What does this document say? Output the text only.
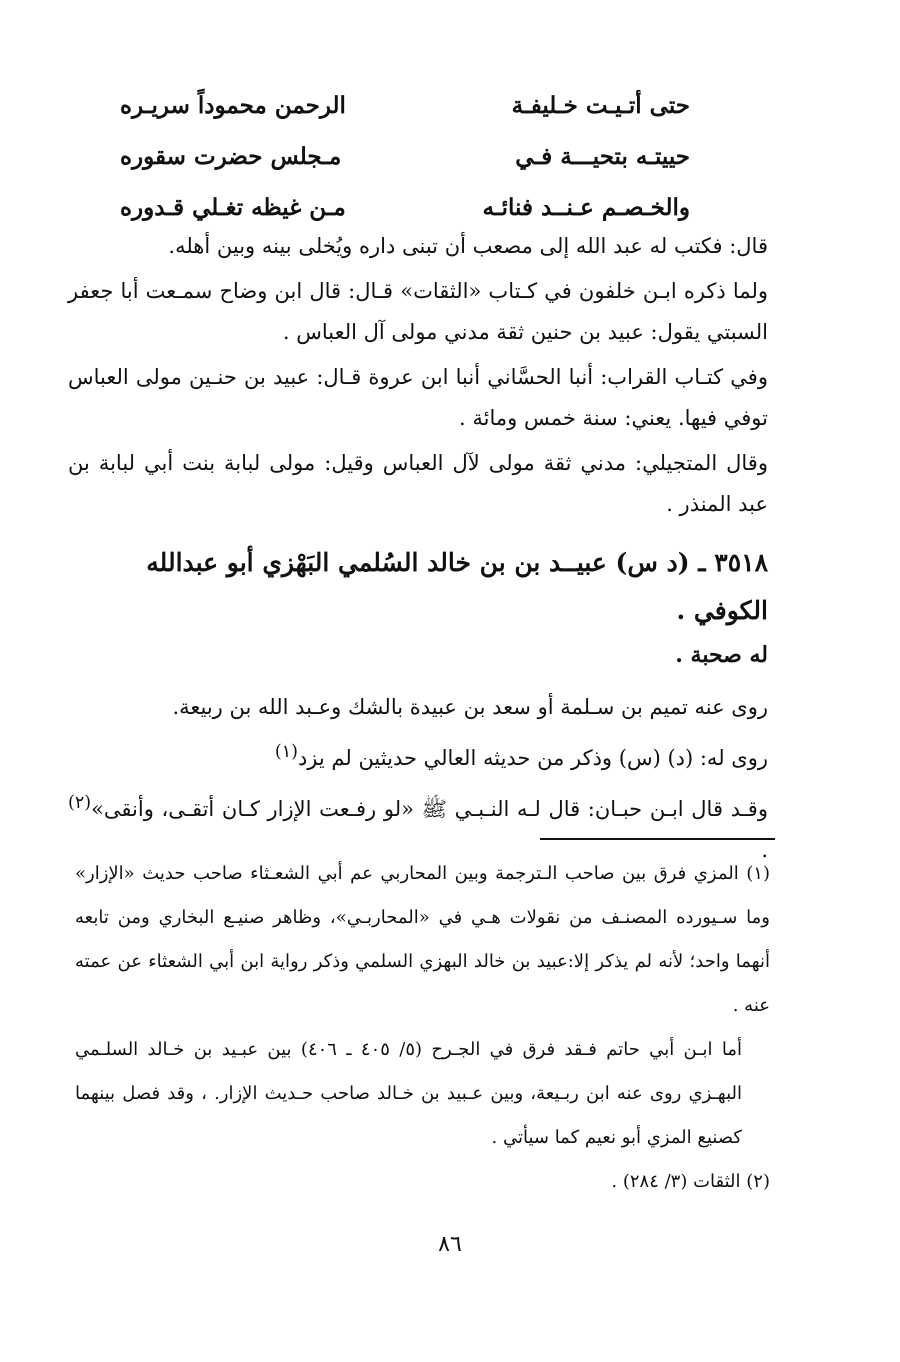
حتى أتـيـت خـليفـة
الرحمن محموداً سريـره
حييتـه بتحيـــة فـي
مـجلس حضرت سقوره
والخـصـم عـنــد فنائـه
مـن غيظه تغـلي قـدوره

قال: فكتب له عبد الله إلى مصعب أن تبنى داره ويُخلى بينه وبين أهله.

ولما ذكره ابـن خلفون في كـتاب «الثقات» قـال: قال ابن وضاح سمـعت أبا جعفر السبتي يقول: عبيد بن حنين ثقة مدني مولى آل العباس .

وفي كتـاب القراب: أنبا الحسَّاني أنبا ابن عروة قـال: عبيد بن حنـين مولى العباس توفي فيها. يعني: سنة خمس ومائة .

وقال المتجيلي: مدني ثقة مولى لآل العباس وقيل: مولى لبابة بنت أبي لبابة بن عبد المنذر .

٣٥١٨ ـ (د س) عبيــد بن بن خالد السُلمي البَهْزي أبو عبدالله الكوفي .
له صحبة .

روى عنه تميم بن سـلمة أو سعد بن عبيدة بالشك وعـبد الله بن ربيعة.

روى له: (د) (س) وذكر من حديثه العالي حديثين لم يزد$^{(١)}$

وقـد قال ابـن حبـان: قال لـه النـبـي ﷺ «لو رفـعت الإزار كـان أتقـى، وأنقى»$^{(٢)}$ .

(١) المزي فرق بين صاحب الـترجمة وبين المحاربي عم أبي الشعـثاء صاحب حديث «الإزار» وما سـيورده المصنـف من نقولات هـي في «المحاربـي»، وظاهر صنيـع البخاري ومن تابعه أنهما واحد؛ لأنه لم يذكر إلا:عبيد بن خالد البهزي السلمي وذكر رواية ابن أبي الشعثاء عن عمته عنه .

أما ابـن أبي حاتم فـقد فرق في الجـرح (٥/ ٤٠٥ ـ ٤٠٦) بين عبـيد بن خـالد السلـمي البهـزي روى عنه ابن ربـيعة، وبين عـبيد بن خـالد صاحب حـديث الإزار. ، وقد فصل بينهما كصنيع المزي أبو نعيم كما سيأتي .

(٢) الثقات (٣/ ٢٨٤) .

٨٦
